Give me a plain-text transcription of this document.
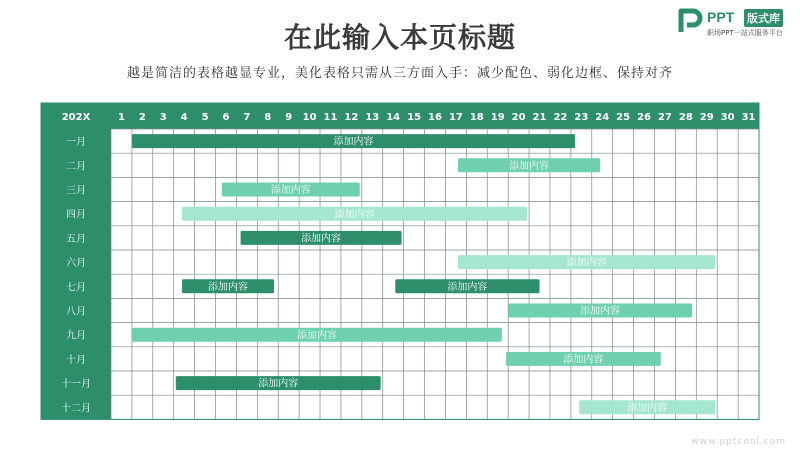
在此输入本页标题
越是简洁的表格越显专业，美化表格只需从三方面入手：减少配色、弱化边框、保持对齐
PPT 版式库
职场PPT一站式服务平台
202X	1 2 3 4 5 6 7 8 9 10 11 12 13 14 15 16 17 18 19 20 21 22 23 24 25 26 27 28 29 30 31
一月
二月
三月
四月
五月
六月
七月
八月
九月
十月
十一月
十二月
添加内容
添加内容
添加内容
添加内容
添加内容
添加内容
添加内容	添加内容
添加内容
添加内容
添加内容
添加内容
添加内容
www.pptcool.com
